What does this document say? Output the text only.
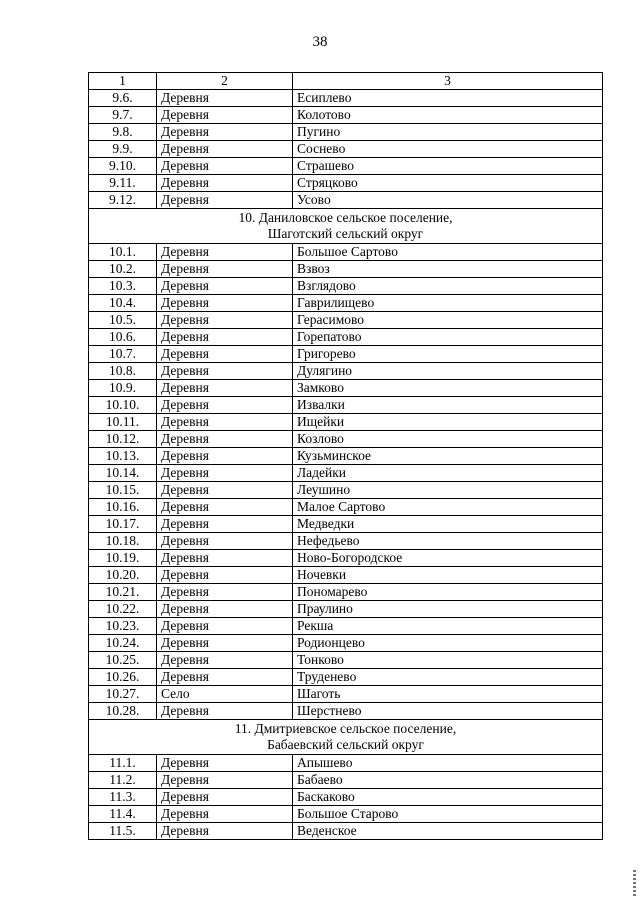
38
1	2	3
9.6.	Деревня	Есиплево
9.7.	Деревня	Колотово
9.8.	Деревня	Пугино
9.9.	Деревня	Соснево
9.10.	Деревня	Страшево
9.11.	Деревня	Стряцково
9.12.	Деревня	Усово

10. Даниловское сельское поселение,
Шаготский сельский округ		

10.1.	Деревня	Большое Сартово
10.2.	Деревня	Взвоз
10.3.	Деревня	Взглядово
10.4.	Деревня	Гаврилищево
10.5.	Деревня	Герасимово
10.6.	Деревня	Горепатово
10.7.	Деревня	Григорево
10.8.	Деревня	Дулягино
10.9.	Деревня	Замково
10.10.	Деревня	Извалки
10.11.	Деревня	Ищейки
10.12.	Деревня	Козлово
10.13.	Деревня	Кузьминское
10.14.	Деревня	Ладейки
10.15.	Деревня	Леушино
10.16.	Деревня	Малое Сартово
10.17.	Деревня	Медведки
10.18.	Деревня	Нефедьево
10.19.	Деревня	Ново-Богородское
10.20.	Деревня	Ночевки
10.21.	Деревня	Пономарево
10.22.	Деревня	Праулино
10.23.	Деревня	Рекша
10.24.	Деревня	Родионцево
10.25.	Деревня	Тонково
10.26.	Деревня	Труденево
10.27.	Село	Шаготь
10.28.	Деревня	Шерстнево

11. Дмитриевское сельское поселение,
Бабаевский сельский округ		

11.1.	Деревня	Апышево
11.2.	Деревня	Бабаево
11.3.	Деревня	Баскаково
11.4.	Деревня	Большое Старово
11.5.	Деревня	Веденское
